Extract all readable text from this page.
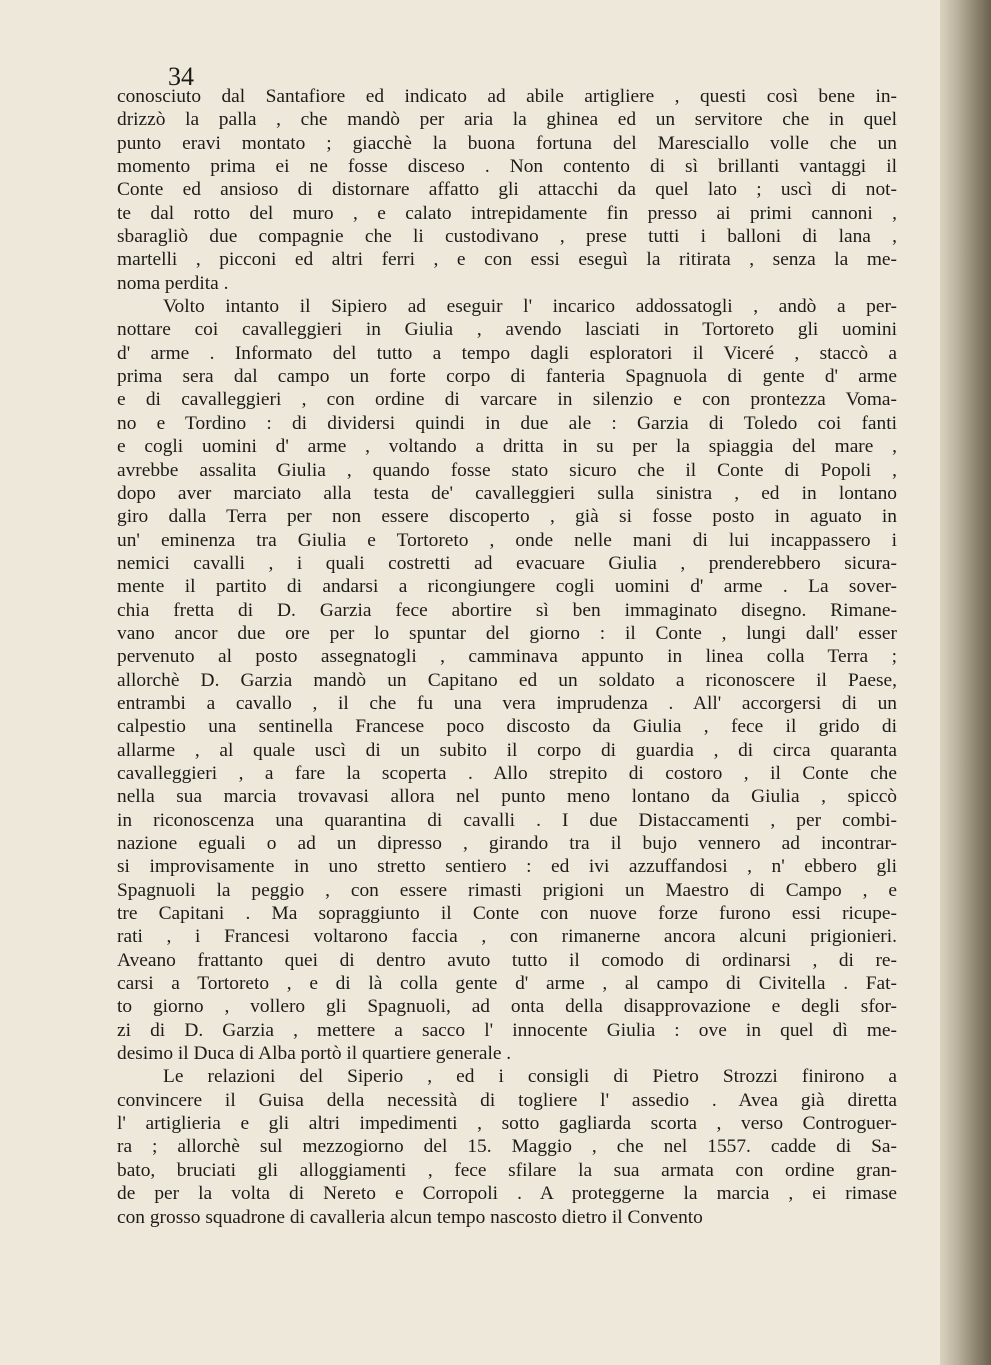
34
conosciuto dal Santafiore ed indicato ad abile artigliere , questi così bene in-
drizzò la palla , che mandò per aria la ghinea ed un servitore che in quel
punto eravi montato ; giacchè la buona fortuna del Maresciallo volle che un
momento prima ei ne fosse disceso . Non contento di sì brillanti vantaggi il
Conte ed ansioso di distornare affatto gli attacchi da quel lato ; uscì di not-
te dal rotto del muro , e calato intrepidamente fin presso ai primi cannoni ,
sbaragliò due compagnie che li custodivano , prese tutti i balloni di lana ,
martelli , picconi ed altri ferri , e con essi eseguì la ritirata , senza la me-
noma perdita .
Volto intanto il Sipiero ad eseguir l' incarico addossatogli , andò a per-
nottare coi cavalleggieri in Giulia , avendo lasciati in Tortoreto gli uomini
d' arme . Informato del tutto a tempo dagli esploratori il Viceré , staccò a
prima sera dal campo un forte corpo di fanteria Spagnuola di gente d' arme
e di cavalleggieri , con ordine di varcare in silenzio e con prontezza Voma-
no e Tordino : di dividersi quindi in due ale : Garzia di Toledo coi fanti
e cogli uomini d' arme , voltando a dritta in su per la spiaggia del mare ,
avrebbe assalita Giulia , quando fosse stato sicuro che il Conte di Popoli ,
dopo aver marciato alla testa de' cavalleggieri sulla sinistra , ed in lontano
giro dalla Terra per non essere discoperto , già si fosse posto in aguato in
un' eminenza tra Giulia e Tortoreto , onde nelle mani di lui incappassero i
nemici cavalli , i quali costretti ad evacuare Giulia , prenderebbero sicura-
mente il partito di andarsi a ricongiungere cogli uomini d' arme . La sover-
chia fretta di D. Garzia fece abortire sì ben immaginato disegno. Rimane-
vano ancor due ore per lo spuntar del giorno : il Conte , lungi dall' esser
pervenuto al posto assegnatogli , camminava appunto in linea colla Terra ;
allorchè D. Garzia mandò un Capitano ed un soldato a riconoscere il Paese,
entrambi a cavallo , il che fu una vera imprudenza . All' accorgersi di un
calpestio una sentinella Francese poco discosto da Giulia , fece il grido di
allarme , al quale uscì di un subito il corpo di guardia , di circa quaranta
cavalleggieri , a fare la scoperta . Allo strepito di costoro , il Conte che
nella sua marcia trovavasi allora nel punto meno lontano da Giulia , spiccò
in riconoscenza una quarantina di cavalli . I due Distaccamenti , per combi-
nazione eguali o ad un dipresso , girando tra il bujo vennero ad incontrar-
si improvisamente in uno stretto sentiero : ed ivi azzuffandosi , n' ebbero gli
Spagnuoli la peggio , con essere rimasti prigioni un Maestro di Campo , e
tre Capitani . Ma sopraggiunto il Conte con nuove forze furono essi ricupe-
rati , i Francesi voltarono faccia , con rimanerne ancora alcuni prigionieri.
Aveano frattanto quei di dentro avuto tutto il comodo di ordinarsi , di re-
carsi a Tortoreto , e di là colla gente d' arme , al campo di Civitella . Fat-
to giorno , vollero gli Spagnuoli, ad onta della disapprovazione e degli sfor-
zi di D. Garzia , mettere a sacco l' innocente Giulia : ove in quel dì me-
desimo il Duca di Alba portò il quartiere generale .
Le relazioni del Siperio , ed i consigli di Pietro Strozzi finirono a
convincere il Guisa della necessità di togliere l' assedio . Avea già diretta
l' artiglieria e gli altri impedimenti , sotto gagliarda scorta , verso Controguer-
ra ; allorchè sul mezzogiorno del 15. Maggio , che nel 1557. cadde di Sa-
bato, bruciati gli alloggiamenti , fece sfilare la sua armata con ordine gran-
de per la volta di Nereto e Corropoli . A proteggerne la marcia , ei rimase
con grosso squadrone di cavalleria alcun tempo nascosto dietro il Convento
